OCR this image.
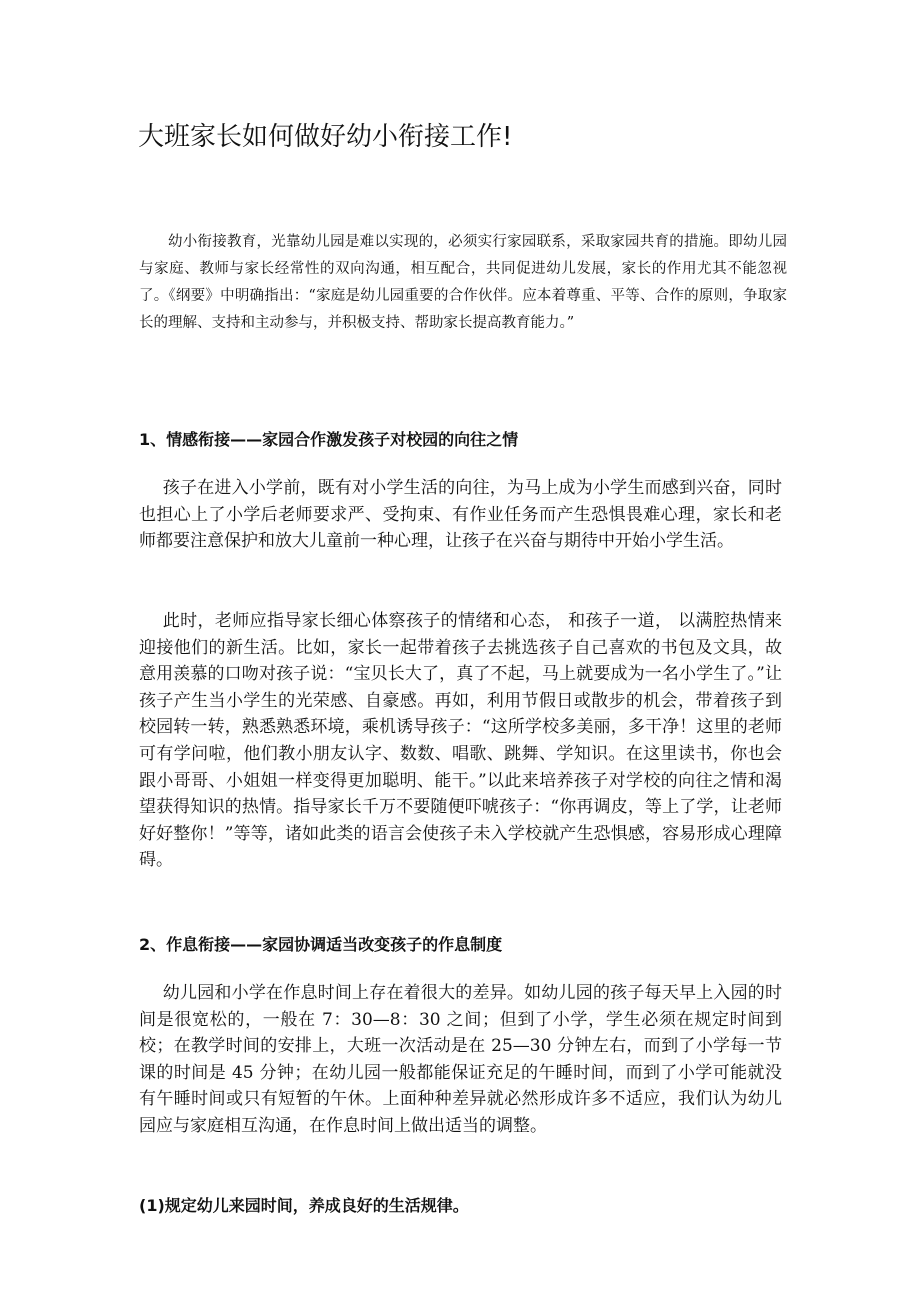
大班家长如何做好幼小衔接工作!

幼小衔接教育，光靠幼儿园是难以实现的，必须实行家园联系，采取家园共育的措施。即幼儿园与家庭、教师与家长经常性的双向沟通，相互配合，共同促进幼儿发展，家长的作用尤其不能忽视了。《纲要》中明确指出：“家庭是幼儿园重要的合作伙伴。应本着尊重、平等、合作的原则，争取家长的理解、支持和主动参与，并积极支持、帮助家长提高教育能力。”

1、情感衔接——家园合作激发孩子对校园的向往之情

孩子在进入小学前，既有对小学生活的向往，为马上成为小学生而感到兴奋，同时也担心上了小学后老师要求严、受拘束、有作业任务而产生恐惧畏难心理，家长和老师都要注意保护和放大儿童前一种心理，让孩子在兴奋与期待中开始小学生活。

此时，老师应指导家长细心体察孩子的情绪和心态， 和孩子一道， 以满腔热情来迎接他们的新生活。比如，家长一起带着孩子去挑选孩子自己喜欢的书包及文具，故意用羡慕的口吻对孩子说：“宝贝长大了，真了不起，马上就要成为一名小学生了。”让孩子产生当小学生的光荣感、自豪感。再如，利用节假日或散步的机会，带着孩子到校园转一转，熟悉熟悉环境，乘机诱导孩子：“这所学校多美丽，多干净！这里的老师可有学问啦，他们教小朋友认字、数数、唱歌、跳舞、学知识。在这里读书，你也会跟小哥哥、小姐姐一样变得更加聪明、能干。”以此来培养孩子对学校的向往之情和渴望获得知识的热情。指导家长千万不要随便吓唬孩子：“你再调皮，等上了学，让老师好好整你！”等等，诸如此类的语言会使孩子未入学校就产生恐惧感，容易形成心理障碍。

2、作息衔接——家园协调适当改变孩子的作息制度

幼儿园和小学在作息时间上存在着很大的差异。如幼儿园的孩子每天早上入园的时间是很宽松的，一般在 7：30—8：30 之间；但到了小学，学生必须在规定时间到校；在教学时间的安排上，大班一次活动是在 25—30 分钟左右，而到了小学每一节课的时间是 45 分钟；在幼儿园一般都能保证充足的午睡时间，而到了小学可能就没有午睡时间或只有短暂的午休。上面种种差异就必然形成许多不适应，我们认为幼儿园应与家庭相互沟通，在作息时间上做出适当的调整。

(1)规定幼儿来园时间，养成良好的生活规律。
